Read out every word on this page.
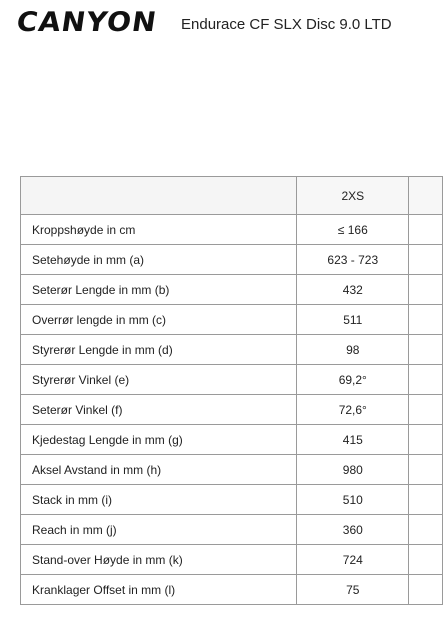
CANYON Endurace CF SLX Disc 9.0 LTD
	2XS	
Kroppshøyde in cm	≤ 166	
Setehøyde in mm (a)	623 - 723	
Seterør Lengde in mm (b)	432	
Overrør lengde in mm (c)	511	
Styrerør Lengde in mm (d)	98	
Styrerør Vinkel (e)	69,2°	
Seterør Vinkel (f)	72,6°	
Kjedestag Lengde in mm (g)	415	
Aksel Avstand in mm (h)	980	
Stack in mm (i)	510	
Reach in mm (j)	360	
Stand-over Høyde in mm (k)	724	
Kranklager Offset in mm (l)	75	
